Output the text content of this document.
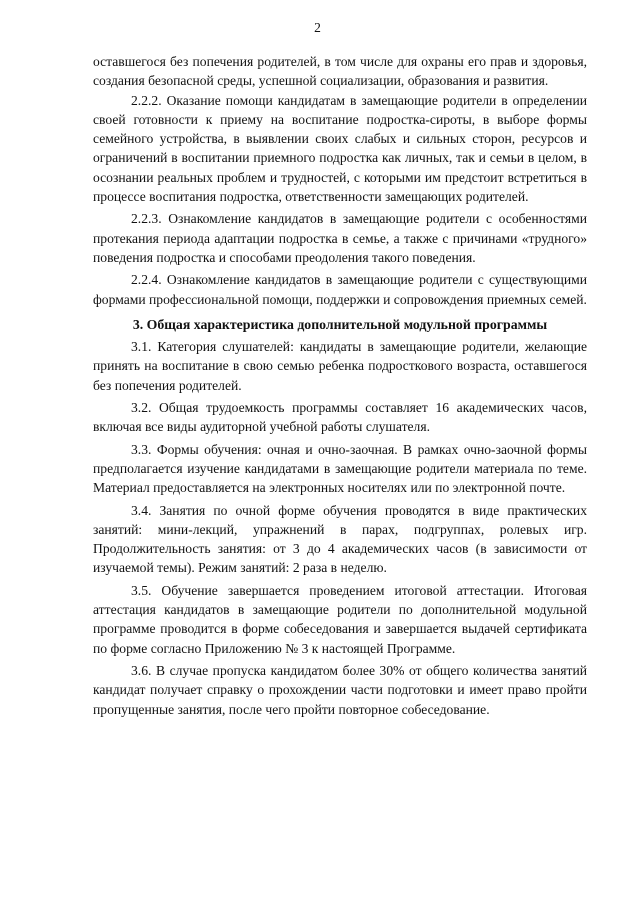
2

оставшегося без попечения родителей, в том числе для охраны его прав и здоровья, создания безопасной среды, успешной социализации, образования и развития.

2.2.2. Оказание помощи кандидатам в замещающие родители в определении своей готовности к приему на воспитание подростка-сироты, в выборе формы семейного устройства, в выявлении своих слабых и сильных сторон, ресурсов и ограничений в воспитании приемного подростка как личных, так и семьи в целом, в осознании реальных проблем и трудностей, с которыми им предстоит встретиться в процессе воспитания подростка, ответственности замещающих родителей.

2.2.3. Ознакомление кандидатов в замещающие родители с особенностями протекания периода адаптации подростка в семье, а также с причинами «трудного» поведения подростка и способами преодоления такого поведения.

2.2.4. Ознакомление кандидатов в замещающие родители с существующими формами профессиональной помощи, поддержки и сопровождения приемных семей.

3. Общая характеристика дополнительной модульной программы

3.1. Категория слушателей: кандидаты в замещающие родители, желающие принять на воспитание в свою семью ребенка подросткового возраста, оставшегося без попечения родителей.

3.2. Общая трудоемкость программы составляет 16 академических часов, включая все виды аудиторной учебной работы слушателя.

3.3. Формы обучения: очная и очно-заочная. В рамках очно-заочной формы предполагается изучение кандидатами в замещающие родители материала по теме. Материал предоставляется на электронных носителях или по электронной почте.

3.4. Занятия по очной форме обучения проводятся в виде практических занятий: мини-лекций, упражнений в парах, подгруппах, ролевых игр. Продолжительность занятия: от 3 до 4 академических часов (в зависимости от изучаемой темы). Режим занятий: 2 раза в неделю.

3.5. Обучение завершается проведением итоговой аттестации. Итоговая аттестация кандидатов в замещающие родители по дополнительной модульной программе проводится в форме собеседования и завершается выдачей сертификата по форме согласно Приложению № 3 к настоящей Программе.

3.6. В случае пропуска кандидатом более 30% от общего количества занятий кандидат получает справку о прохождении части подготовки и имеет право пройти пропущенные занятия, после чего пройти повторное собеседование.
